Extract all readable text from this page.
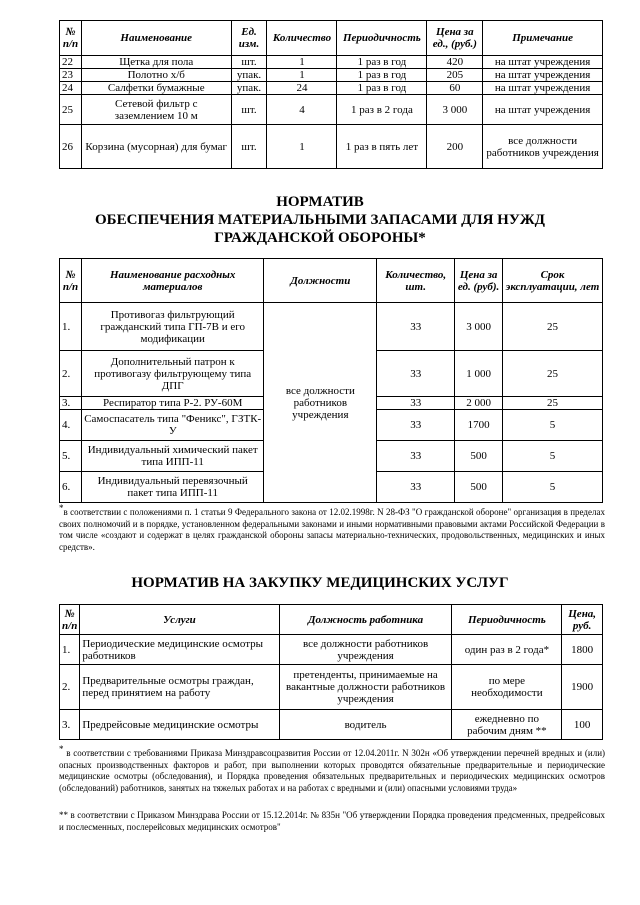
№ п/п	Наименование	Ед. изм.	Количество	Периодичность	Цена за ед., (руб.)	Примечание
22	Щетка для пола	шт.	1	1 раз в год	420	на штат учреждения
23	Полотно х/б	упак.	1	1 раз в год	205	на штат учреждения
24	Салфетки бумажные	упак.	24	1 раз в год	60	на штат учреждения
25	Сетевой фильтр с заземлением 10 м	шт.	4	1 раз в 2 года	3 000	на штат учреждения
26	Корзина (мусорная) для бумаг	шт.	1	1 раз в пять лет	200	все должности работников учреждения
НОРМАТИВ
ОБЕСПЕЧЕНИЯ МАТЕРИАЛЬНЫМИ ЗАПАСАМИ ДЛЯ НУЖД
ГРАЖДАНСКОЙ ОБОРОНЫ*
№ п/п	Наименование расходных материалов	Должности	Количество, шт.	Цена за ед. (руб).	Срок эксплуатации, лет
1.	Противогаз фильтрующий гражданский типа ГП-7В и его модификации	все должности работников учреждения	33	3 000	25
2.	Дополнительный патрон к противогазу фильтрующему типа ДПГ		33	1 000	25
3.	Респиратор типа Р-2. РУ-60М		33	2 000	25
4.	Самоспасатель типа "Феникс", ГЗТК-У		33	1700	5
5.	Индивидуальный химический пакет типа ИПП-11		33	500	5
6.	Индивидуальный перевязочный пакет типа ИПП-11		33	500	5
*в соответствии с положениями п. 1 статьи 9 Федерального закона от 12.02.1998г. N 28-ФЗ "О гражданской обороне" организация в пределах своих полномочий и в порядке, установленном федеральными законами и иными нормативными правовыми актами Российской Федерации в том числе «создают и содержат в целях гражданской обороны запасы материально-технических, продовольственных, медицинских и иных средств».
НОРМАТИВ НА ЗАКУПКУ МЕДИЦИНСКИХ УСЛУГ
№ п/п	Услуги	Должность работника	Периодичность	Цена, руб.
1.	Периодические медицинские осмотры работников	все должности работников учреждения	один раз в 2 года*	1800
2.	Предварительные осмотры граждан, перед принятием на работу	претенденты, принимаемые на вакантные должности работников учреждения	по мере необходимости	1900
3.	Предрейсовые медицинские осмотры	водитель	ежедневно по рабочим дням **	100
* в соответствии с требованиями Приказа Минздравсоцразвития России от 12.04.2011г. N 302н «Об утверждении перечней вредных и (или) опасных производственных факторов и работ, при выполнении которых проводятся обязательные предварительные и периодические медицинские осмотры (обследования), и Порядка проведения обязательных предварительных и периодических медицинских осмотров (обследований) работников, занятых на тяжелых работах и на работах с вредными и (или) опасными условиями труда»
** в соответствии с Приказом Минздрава России от 15.12.2014г. № 835н "Об утверждении Порядка проведения предсменных, предрейсовых и послесменных, послерейсовых медицинских осмотров"
